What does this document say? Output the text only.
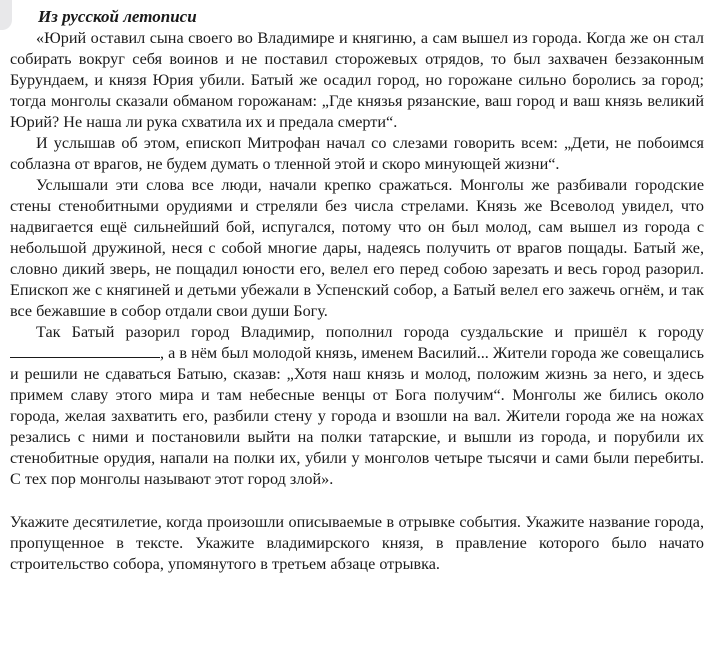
Из русской летописи

«Юрий оставил сына своего во Владимире и княгиню, а сам вышел из города. Когда же он стал собирать вокруг себя воинов и не поставил сторожевых отрядов, то был захвачен беззаконным Бурундаем, и князя Юрия убили. Батый же осадил город, но горожане сильно боролись за город; тогда монголы сказали обманом горожанам: „Где князья рязанские, ваш город и ваш князь великий Юрий? Не наша ли рука схватила их и предала смерти“.

И услышав об этом, епископ Митрофан начал со слезами говорить всем: „Дети, не побоимся соблазна от врагов, не будем думать о тленной этой и скоро минующей жизни“.

Услышали эти слова все люди, начали крепко сражаться. Монголы же разбивали городские стены стенобитными орудиями и стреляли без числа стрелами. Князь же Всеволод увидел, что надвигается ещё сильнейший бой, испугался, потому что он был молод, сам вышел из города с небольшой дружиной, неся с собой многие дары, надеясь получить от врагов пощады. Батый же, словно дикий зверь, не пощадил юности его, велел его перед собою зарезать и весь город разорил. Епископ же с княгиней и детьми убежали в Успенский собор, а Батый велел его зажечь огнём, и так все бежавшие в собор отдали свои души Богу.

Так Батый разорил город Владимир, пополнил города суздальские и пришёл к городу , а в нём был молодой князь, именем Василий... Жители города же совещались и решили не сдаваться Батыю, сказав: „Хотя наш князь и молод, положим жизнь за него, и здесь примем славу этого мира и там небесные венцы от Бога получим“. Монголы же бились около города, желая захватить его, разбили стену у города и взошли на вал. Жители города же на ножах резались с ними и постановили выйти на полки татарские, и вышли из города, и порубили их стенобитные орудия, напали на полки их, убили у монголов четыре тысячи и сами были перебиты. С тех пор монголы называют этот город злой».

Укажите десятилетие, когда произошли описываемые в отрывке события. Укажите название города, пропущенное в тексте. Укажите владимирского князя, в правление которого было начато строительство собора, упомянутого в третьем абзаце отрывка.
